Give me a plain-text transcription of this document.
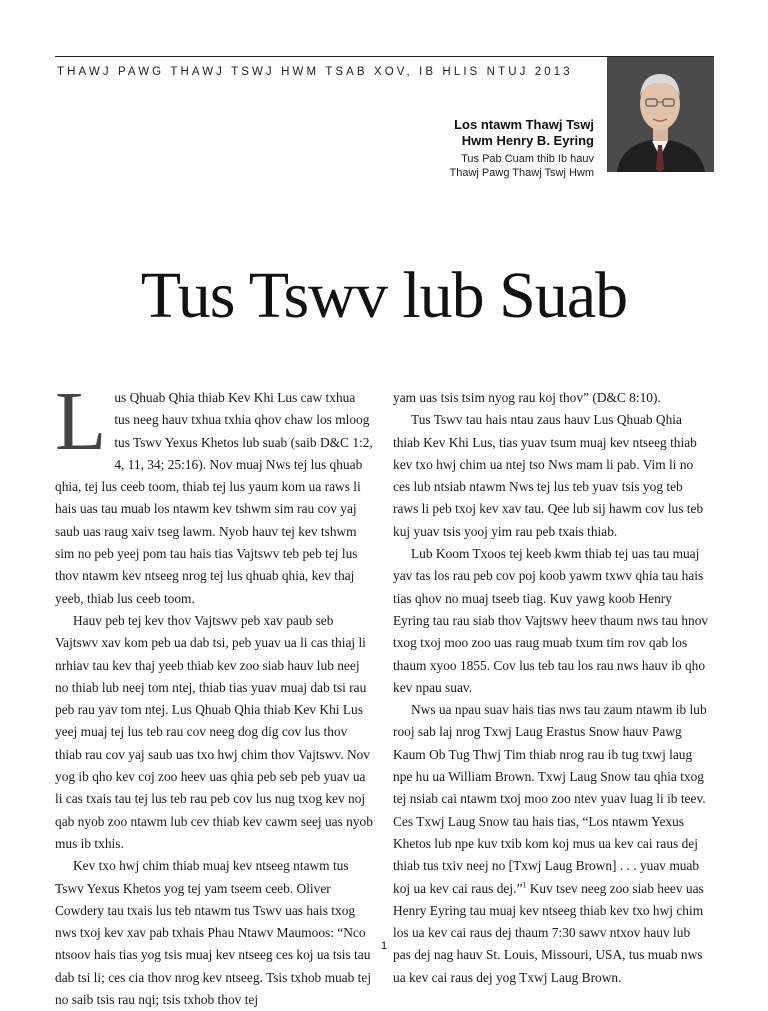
THAWJ PAWG THAWJ TSWJ HWM TSAB XOV, IB HLIS NTUJ 2013
Los ntawm Thawj Tswj
Hwm Henry B. Eyring
Tus Pab Cuam thib Ib hauv
Thawj Pawg Thawj Tswj Hwm
Tus Tswv lub Suab

Lus Qhuab Qhia thiab Kev Khi Lus caw txhua tus neeg hauv txhua txhia qhov chaw los mloog tus Tswv Yexus Khetos lub suab (saib D&C 1:2, 4, 11, 34; 25:16). Nov muaj Nws tej lus qhuab qhia, tej lus ceeb toom, thiab tej lus yaum kom ua raws li hais uas tau muab los ntawm kev tshwm sim rau cov yaj saub uas raug xaiv tseg lawm. Nyob hauv tej kev tshwm sim no peb yeej pom tau hais tias Vajtswv teb peb tej lus thov ntawm kev ntseeg nrog tej lus qhuab qhia, kev thaj yeeb, thiab lus ceeb toom.

Hauv peb tej kev thov Vajtswv peb xav paub seb Vajtswv xav kom peb ua dab tsi, peb yuav ua li cas thiaj li nrhiav tau kev thaj yeeb thiab kev zoo siab hauv lub neej no thiab lub neej tom ntej, thiab tias yuav muaj dab tsi rau peb rau yav tom ntej. Lus Qhuab Qhia thiab Kev Khi Lus yeej muaj tej lus teb rau cov neeg dog dig cov lus thov thiab rau cov yaj saub uas txo hwj chim thov Vajtswv. Nov yog ib qho kev coj zoo heev uas qhia peb seb peb yuav ua li cas txais tau tej lus teb rau peb cov lus nug txog kev noj qab nyob zoo ntawm lub cev thiab kev cawm seej uas nyob mus ib txhis.

Kev txo hwj chim thiab muaj kev ntseeg ntawm tus Tswv Yexus Khetos yog tej yam tseem ceeb. Oliver Cowdery tau txais lus teb ntawm tus Tswv uas hais txog nws txoj kev xav pab txhais Phau Ntawv Maumoos: “Nco ntsoov hais tias yog tsis muaj kev ntseeg ces koj ua tsis tau dab tsi li; ces cia thov nrog kev ntseeg. Tsis txhob muab tej no saib tsis rau nqi; tsis txhob thov tej

yam uas tsis tsim nyog rau koj thov” (D&C 8:10).

Tus Tswv tau hais ntau zaus hauv Lus Qhuab Qhia thiab Kev Khi Lus, tias yuav tsum muaj kev ntseeg thiab kev txo hwj chim ua ntej tso Nws mam li pab. Vim li no ces lub ntsiab ntawm Nws tej lus teb yuav tsis yog teb raws li peb txoj kev xav tau. Qee lub sij hawm cov lus teb kuj yuav tsis yooj yim rau peb txais thiab.

Lub Koom Txoos tej keeb kwm thiab tej uas tau muaj yav tas los rau peb cov poj koob yawm txwv qhia tau hais tias qhov no muaj tseeb tiag. Kuv yawg koob Henry Eyring tau rau siab thov Vajtswv heev thaum nws tau hnov txog txoj moo zoo uas raug muab txum tim rov qab los thaum xyoo 1855. Cov lus teb tau los rau nws hauv ib qho kev npau suav.

Nws ua npau suav hais tias nws tau zaum ntawm ib lub rooj sab laj nrog Txwj Laug Erastus Snow hauv Pawg Kaum Ob Tug Thwj Tim thiab nrog rau ib tug txwj laug npe hu ua William Brown. Txwj Laug Snow tau qhia txog tej nsiab cai ntawm txoj moo zoo ntev yuav luag li ib teev. Ces Txwj Laug Snow tau hais tias, “Los ntawm Yexus Khetos lub npe kuv txib kom koj mus ua kev cai raus dej thiab tus txiv neej no [Txwj Laug Brown] . . . yuav muab koj ua kev cai raus dej.”$^1$ Kuv tsev neeg zoo siab heev uas Henry Eyring tau muaj kev ntseeg thiab kev txo hwj chim los ua kev cai raus dej thaum 7:30 sawv ntxov hauv lub pas dej nag hauv St. Louis, Missouri, USA, tus muab nws ua kev cai raus dej yog Txwj Laug Brown.

1
